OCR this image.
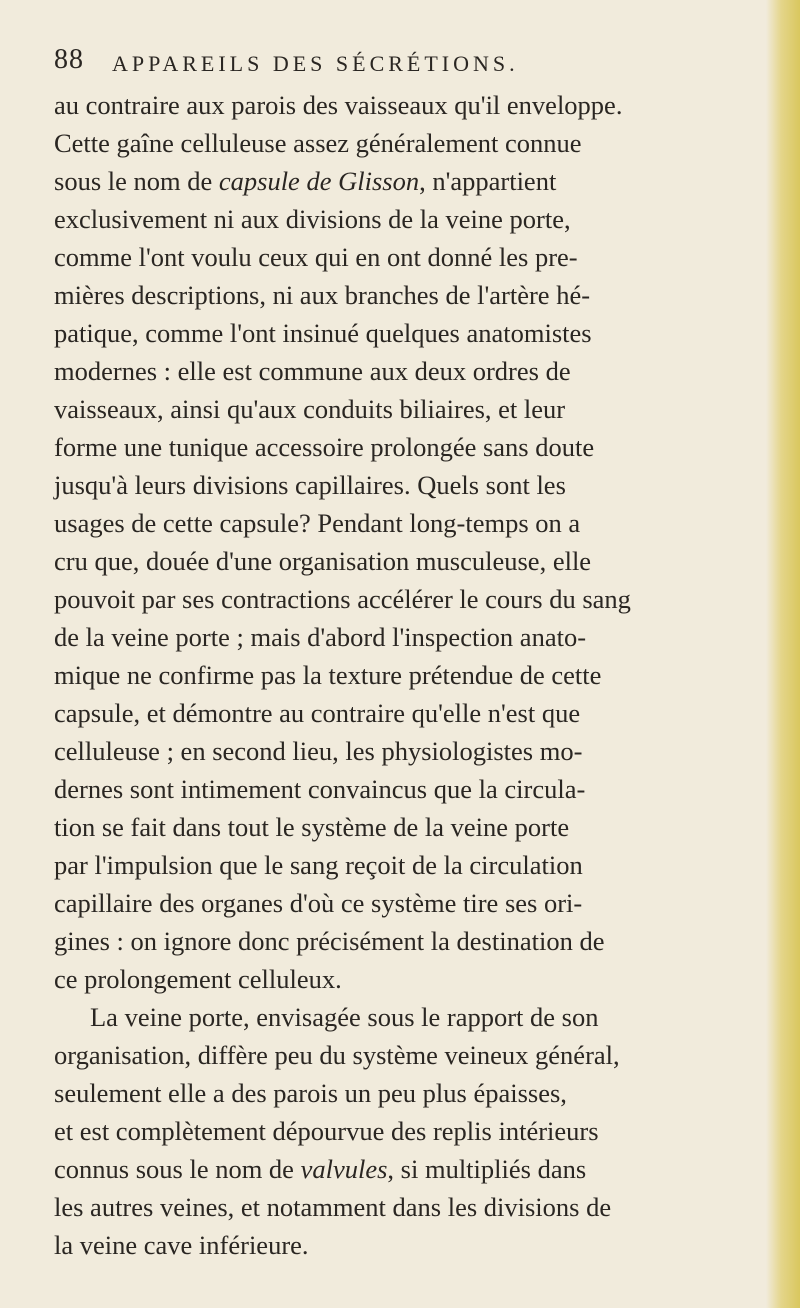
88 APPAREILS DES SÉCRÉTIONS.
au contraire aux parois des vaisseaux qu'il enveloppe.
Cette gaîne celluleuse assez généralement connue
sous le nom de capsule de Glisson, n'appartient
exclusivement ni aux divisions de la veine porte,
comme l'ont voulu ceux qui en ont donné les pre-
mières descriptions, ni aux branches de l'artère hé-
patique, comme l'ont insinué quelques anatomistes
modernes : elle est commune aux deux ordres de
vaisseaux, ainsi qu'aux conduits biliaires, et leur
forme une tunique accessoire prolongée sans doute
jusqu'à leurs divisions capillaires. Quels sont les
usages de cette capsule? Pendant long-temps on a
cru que, douée d'une organisation musculeuse, elle
pouvoit par ses contractions accélérer le cours du sang
de la veine porte ; mais d'abord l'inspection anato-
mique ne confirme pas la texture prétendue de cette
capsule, et démontre au contraire qu'elle n'est que
celluleuse ; en second lieu, les physiologistes mo-
dernes sont intimement convaincus que la circula-
tion se fait dans tout le système de la veine porte
par l'impulsion que le sang reçoit de la circulation
capillaire des organes d'où ce système tire ses ori-
gines : on ignore donc précisément la destination de
ce prolongement celluleux.
La veine porte, envisagée sous le rapport de son
organisation, diffère peu du système veineux général,
seulement elle a des parois un peu plus épaisses,
et est complètement dépourvue des replis intérieurs
connus sous le nom de valvules, si multipliés dans
les autres veines, et notamment dans les divisions de
la veine cave inférieure.
